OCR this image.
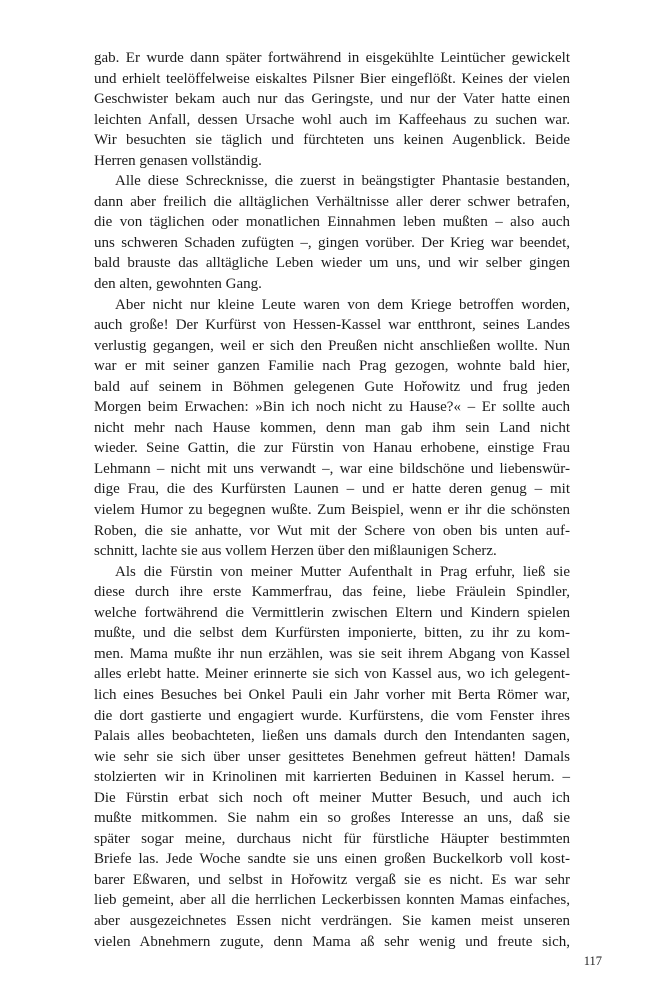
gab. Er wurde dann später fortwährend in eisgekühlte Leintücher gewickelt
und erhielt teelöffelweise eiskaltes Pilsner Bier eingeflößt. Keines der vielen
Geschwister bekam auch nur das Geringste, und nur der Vater hatte einen
leichten Anfall, dessen Ursache wohl auch im Kaffeehaus zu suchen war.
Wir besuchten sie täglich und fürchteten uns keinen Augenblick. Beide
Herren genasen vollständig.
Alle diese Schrecknisse, die zuerst in beängstigter Phantasie bestanden,
dann aber freilich die alltäglichen Verhältnisse aller derer schwer betrafen,
die von täglichen oder monatlichen Einnahmen leben mußten – also auch
uns schweren Schaden zufügten –, gingen vorüber. Der Krieg war beendet,
bald brauste das alltägliche Leben wieder um uns, und wir selber gingen
den alten, gewohnten Gang.
Aber nicht nur kleine Leute waren von dem Kriege betroffen worden,
auch große! Der Kurfürst von Hessen-Kassel war entthront, seines Landes
verlustig gegangen, weil er sich den Preußen nicht anschließen wollte. Nun
war er mit seiner ganzen Familie nach Prag gezogen, wohnte bald hier,
bald auf seinem in Böhmen gelegenen Gute Hořowitz und frug jeden
Morgen beim Erwachen: »Bin ich noch nicht zu Hause?« – Er sollte auch
nicht mehr nach Hause kommen, denn man gab ihm sein Land nicht
wieder. Seine Gattin, die zur Fürstin von Hanau erhobene, einstige Frau
Lehmann – nicht mit uns verwandt –, war eine bildschöne und liebenswür-
dige Frau, die des Kurfürsten Launen – und er hatte deren genug – mit
vielem Humor zu begegnen wußte. Zum Beispiel, wenn er ihr die schönsten
Roben, die sie anhatte, vor Wut mit der Schere von oben bis unten auf-
schnitt, lachte sie aus vollem Herzen über den mißlaunigen Scherz.
Als die Fürstin von meiner Mutter Aufenthalt in Prag erfuhr, ließ sie
diese durch ihre erste Kammerfrau, das feine, liebe Fräulein Spindler,
welche fortwährend die Vermittlerin zwischen Eltern und Kindern spielen
mußte, und die selbst dem Kurfürsten imponierte, bitten, zu ihr zu kom-
men. Mama mußte ihr nun erzählen, was sie seit ihrem Abgang von Kassel
alles erlebt hatte. Meiner erinnerte sie sich von Kassel aus, wo ich gelegent-
lich eines Besuches bei Onkel Pauli ein Jahr vorher mit Berta Römer war,
die dort gastierte und engagiert wurde. Kurfürstens, die vom Fenster ihres
Palais alles beobachteten, ließen uns damals durch den Intendanten sagen,
wie sehr sie sich über unser gesittetes Benehmen gefreut hätten! Damals
stolzierten wir in Krinolinen mit karrierten Beduinen in Kassel herum. –
Die Fürstin erbat sich noch oft meiner Mutter Besuch, und auch ich
mußte mitkommen. Sie nahm ein so großes Interesse an uns, daß sie
später sogar meine, durchaus nicht für fürstliche Häupter bestimmten
Briefe las. Jede Woche sandte sie uns einen großen Buckelkorb voll kost-
barer Eßwaren, und selbst in Hořowitz vergaß sie es nicht. Es war sehr
lieb gemeint, aber all die herrlichen Leckerbissen konnten Mamas einfaches,
aber ausgezeichnetes Essen nicht verdrängen. Sie kamen meist unseren
vielen Abnehmern zugute, denn Mama aß sehr wenig und freute sich,
117
